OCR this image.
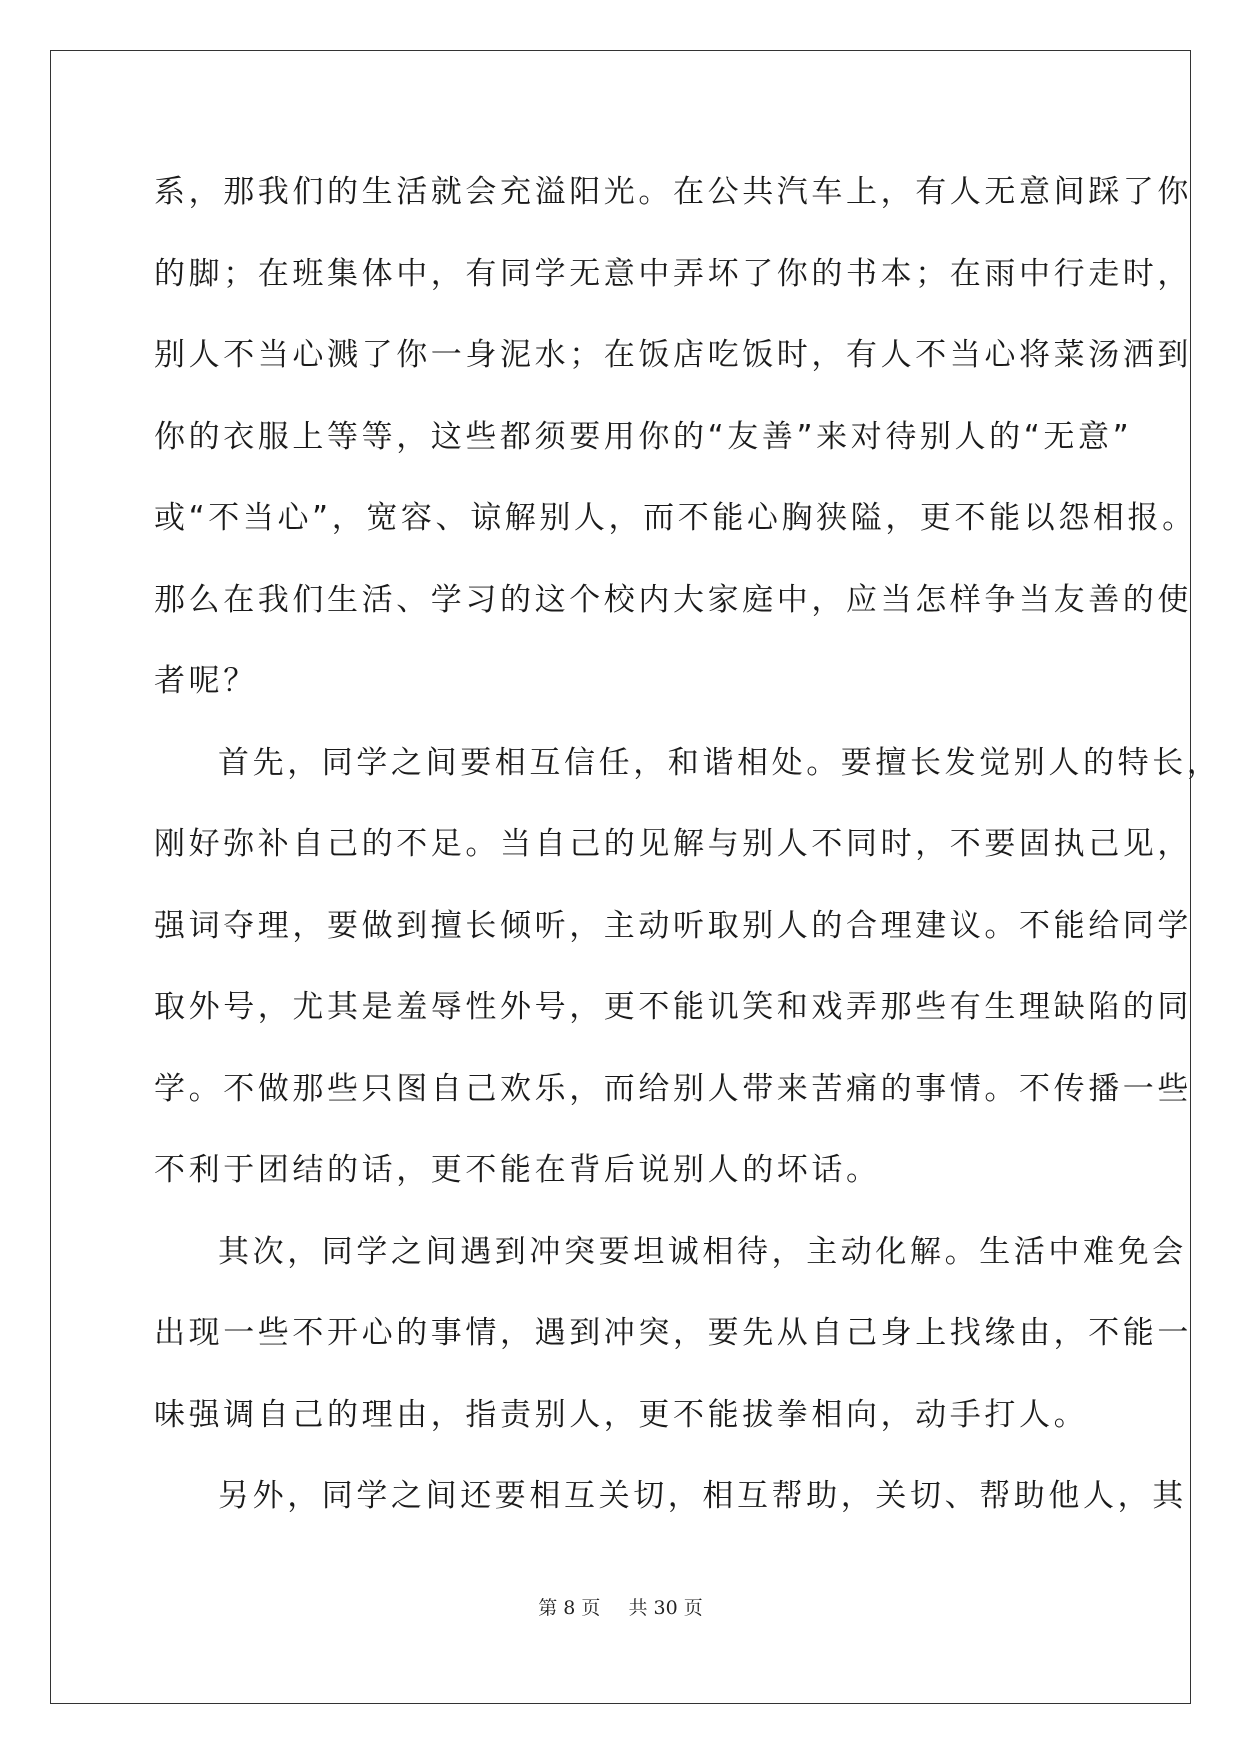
系，那我们的生活就会充溢阳光。在公共汽车上，有人无意间踩了你
的脚；在班集体中，有同学无意中弄坏了你的书本；在雨中行走时，
别人不当心溅了你一身泥水；在饭店吃饭时，有人不当心将菜汤洒到
你的衣服上等等，这些都须要用你的“友善”来对待别人的“无意”
或“不当心”，宽容、谅解别人，而不能心胸狭隘，更不能以怨相报。
那么在我们生活、学习的这个校内大家庭中，应当怎样争当友善的使
者呢？
首先，同学之间要相互信任，和谐相处。要擅长发觉别人的特长，
刚好弥补自己的不足。当自己的见解与别人不同时，不要固执己见，
强词夺理，要做到擅长倾听，主动听取别人的合理建议。不能给同学
取外号，尤其是羞辱性外号，更不能讥笑和戏弄那些有生理缺陷的同
学。不做那些只图自己欢乐，而给别人带来苦痛的事情。不传播一些
不利于团结的话，更不能在背后说别人的坏话。
其次，同学之间遇到冲突要坦诚相待，主动化解。生活中难免会
出现一些不开心的事情，遇到冲突，要先从自己身上找缘由，不能一
味强调自己的理由，指责别人，更不能拔拳相向，动手打人。
另外，同学之间还要相互关切，相互帮助，关切、帮助他人，其
第 8 页 共 30 页
